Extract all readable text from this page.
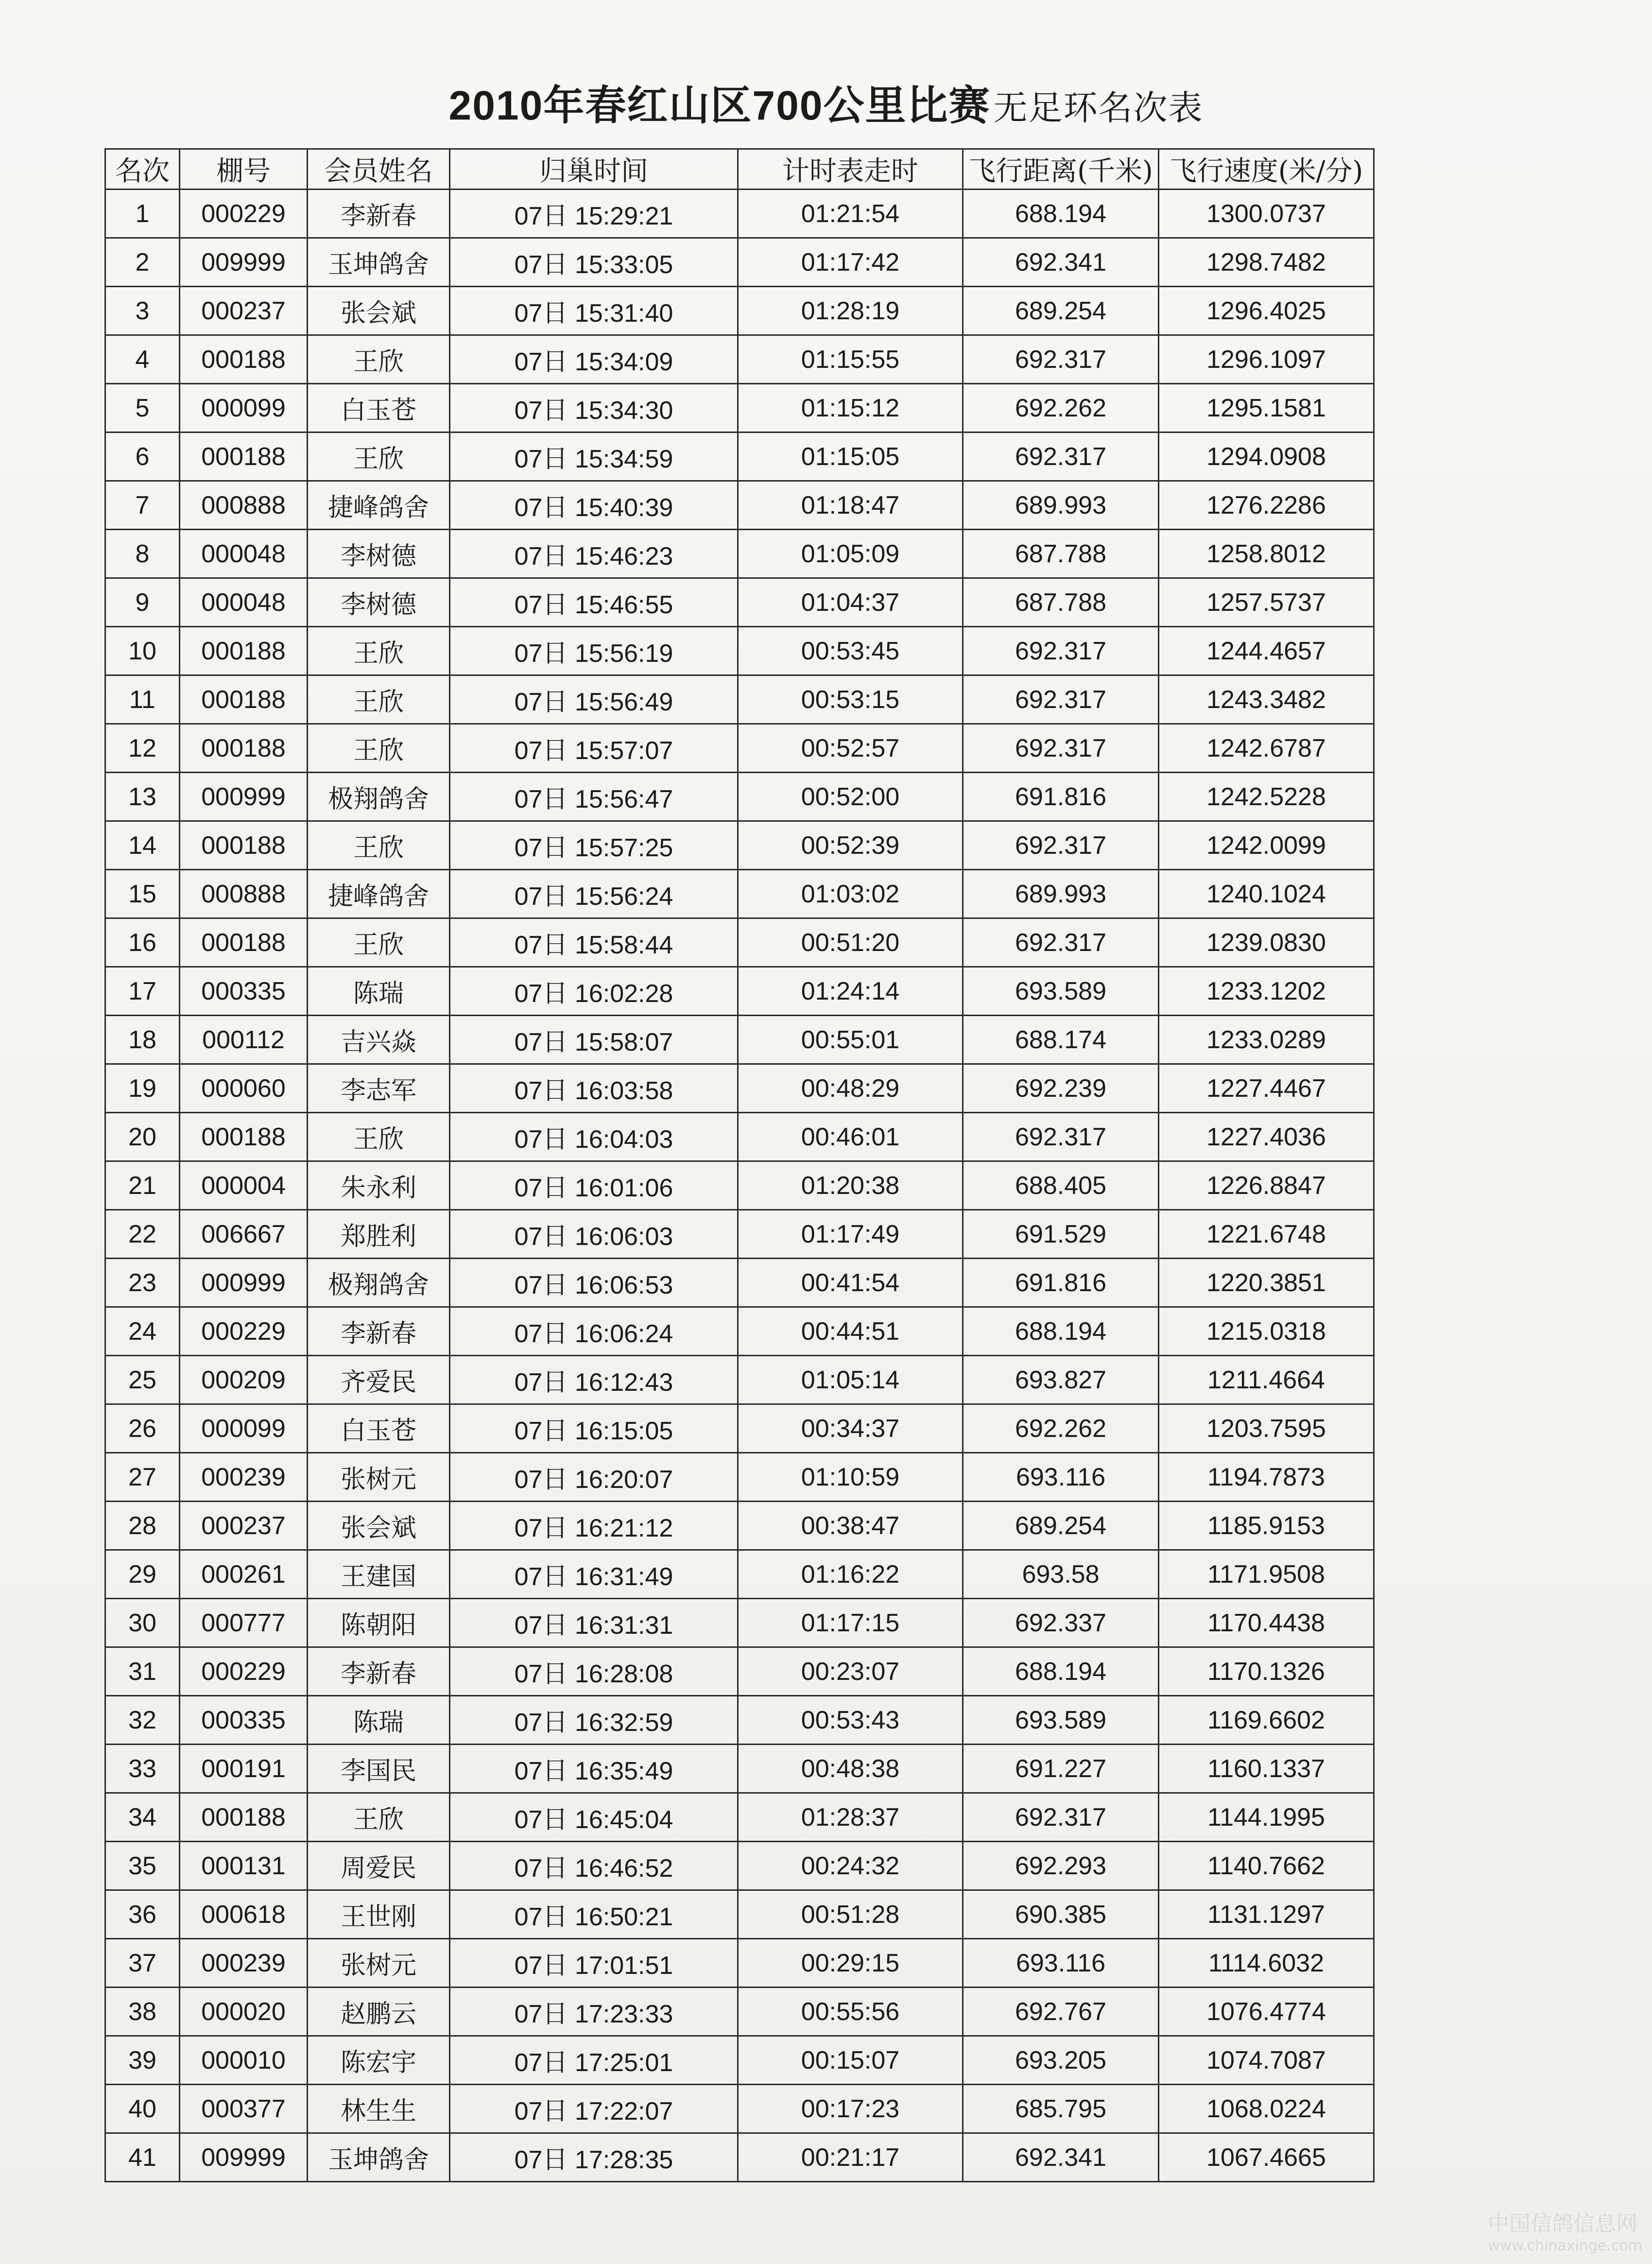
2010年春红山区700公里比赛无足环名次表
名次	棚号	会员姓名	归巢时间	计时表走时	飞行距离(千米)	飞行速度(米/分)
1	000229	李新春	07日 15:29:21	01:21:54	688.194	1300.0737
2	009999	玉坤鸽舍	07日 15:33:05	01:17:42	692.341	1298.7482
3	000237	张会斌	07日 15:31:40	01:28:19	689.254	1296.4025
4	000188	王欣	07日 15:34:09	01:15:55	692.317	1296.1097
5	000099	白玉苍	07日 15:34:30	01:15:12	692.262	1295.1581
6	000188	王欣	07日 15:34:59	01:15:05	692.317	1294.0908
7	000888	捷峰鸽舍	07日 15:40:39	01:18:47	689.993	1276.2286
8	000048	李树德	07日 15:46:23	01:05:09	687.788	1258.8012
9	000048	李树德	07日 15:46:55	01:04:37	687.788	1257.5737
10	000188	王欣	07日 15:56:19	00:53:45	692.317	1244.4657
11	000188	王欣	07日 15:56:49	00:53:15	692.317	1243.3482
12	000188	王欣	07日 15:57:07	00:52:57	692.317	1242.6787
13	000999	极翔鸽舍	07日 15:56:47	00:52:00	691.816	1242.5228
14	000188	王欣	07日 15:57:25	00:52:39	692.317	1242.0099
15	000888	捷峰鸽舍	07日 15:56:24	01:03:02	689.993	1240.1024
16	000188	王欣	07日 15:58:44	00:51:20	692.317	1239.0830
17	000335	陈瑞	07日 16:02:28	01:24:14	693.589	1233.1202
18	000112	吉兴焱	07日 15:58:07	00:55:01	688.174	1233.0289
19	000060	李志军	07日 16:03:58	00:48:29	692.239	1227.4467
20	000188	王欣	07日 16:04:03	00:46:01	692.317	1227.4036
21	000004	朱永利	07日 16:01:06	01:20:38	688.405	1226.8847
22	006667	郑胜利	07日 16:06:03	01:17:49	691.529	1221.6748
23	000999	极翔鸽舍	07日 16:06:53	00:41:54	691.816	1220.3851
24	000229	李新春	07日 16:06:24	00:44:51	688.194	1215.0318
25	000209	齐爱民	07日 16:12:43	01:05:14	693.827	1211.4664
26	000099	白玉苍	07日 16:15:05	00:34:37	692.262	1203.7595
27	000239	张树元	07日 16:20:07	01:10:59	693.116	1194.7873
28	000237	张会斌	07日 16:21:12	00:38:47	689.254	1185.9153
29	000261	王建国	07日 16:31:49	01:16:22	693.58	1171.9508
30	000777	陈朝阳	07日 16:31:31	01:17:15	692.337	1170.4438
31	000229	李新春	07日 16:28:08	00:23:07	688.194	1170.1326
32	000335	陈瑞	07日 16:32:59	00:53:43	693.589	1169.6602
33	000191	李国民	07日 16:35:49	00:48:38	691.227	1160.1337
34	000188	王欣	07日 16:45:04	01:28:37	692.317	1144.1995
35	000131	周爱民	07日 16:46:52	00:24:32	692.293	1140.7662
36	000618	王世刚	07日 16:50:21	00:51:28	690.385	1131.1297
37	000239	张树元	07日 17:01:51	00:29:15	693.116	1114.6032
38	000020	赵鹏云	07日 17:23:33	00:55:56	692.767	1076.4774
39	000010	陈宏宇	07日 17:25:01	00:15:07	693.205	1074.7087
40	000377	林生生	07日 17:22:07	00:17:23	685.795	1068.0224
41	009999	玉坤鸽舍	07日 17:28:35	00:21:17	692.341	1067.4665
中国信鸽信息网
www.chinaxinge.com
